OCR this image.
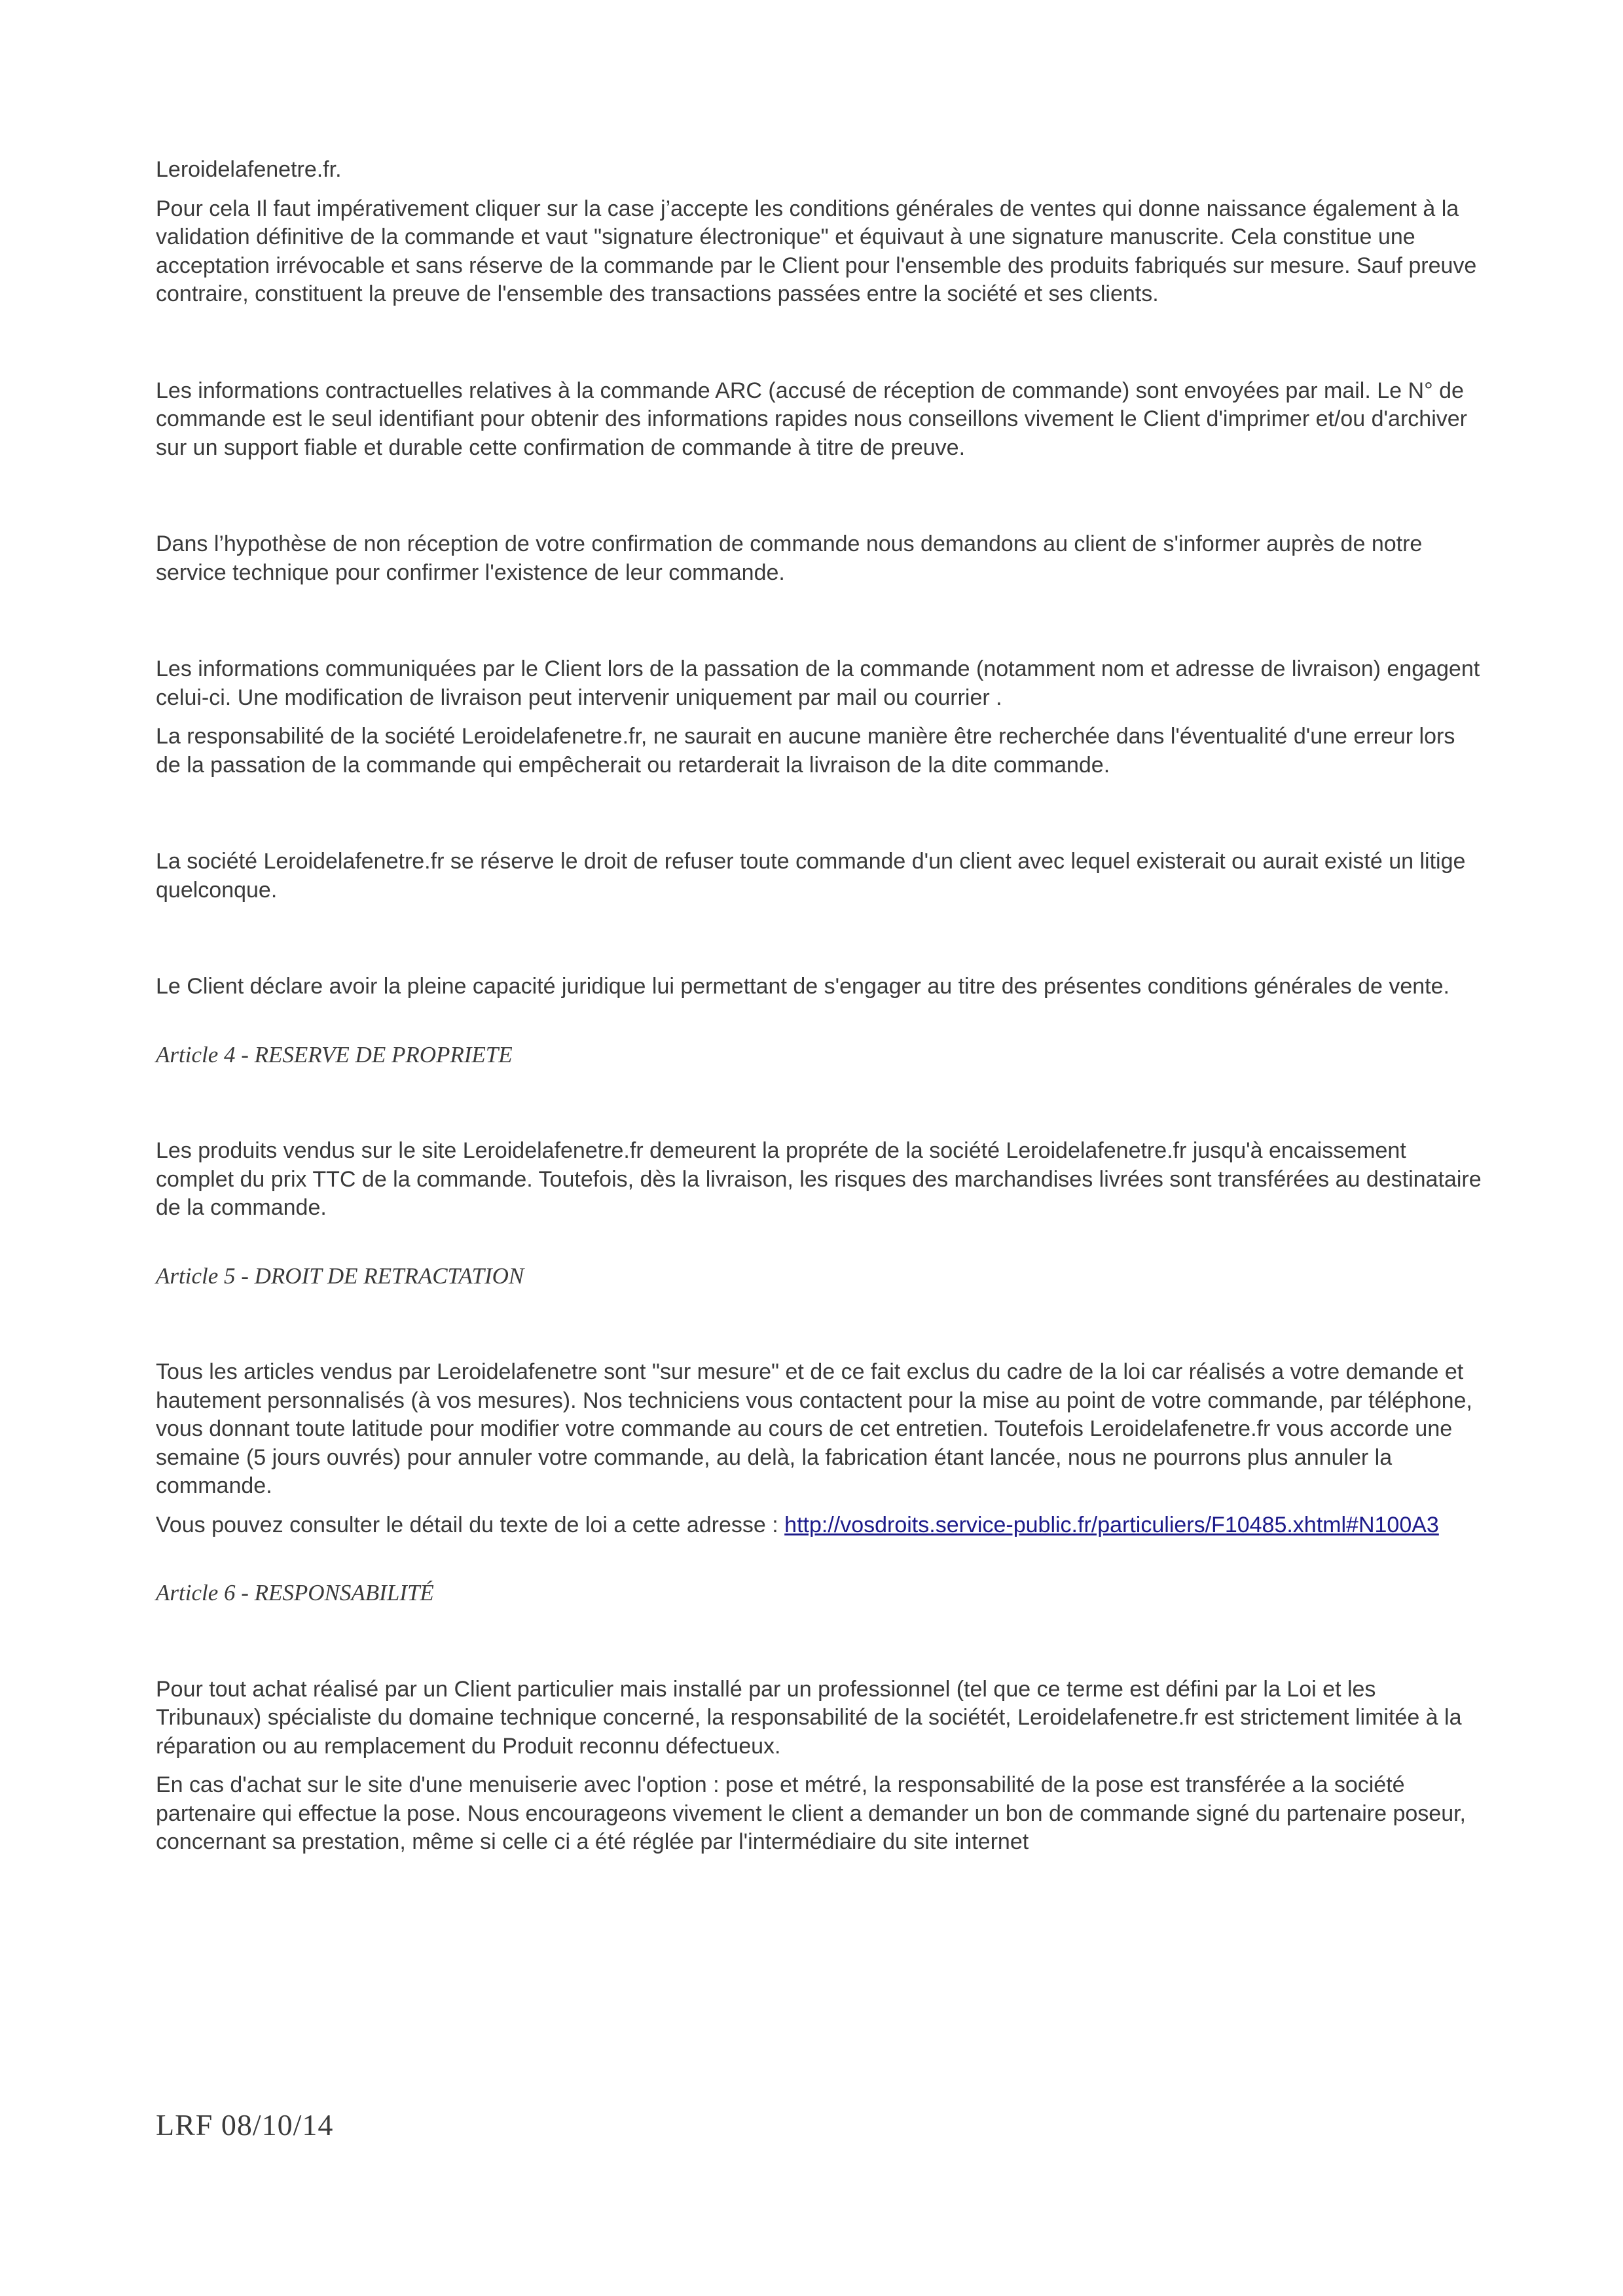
Leroidelafenetre.fr.

Pour cela Il faut impérativement cliquer sur la case j’accepte les conditions générales de ventes qui donne naissance également à la validation définitive de la commande et vaut "signature électronique" et équivaut à une signature manuscrite. Cela constitue une acceptation irrévocable et sans réserve de la commande par le Client pour l'ensemble des produits fabriqués sur mesure. Sauf preuve contraire, constituent la preuve de l'ensemble des transactions passées entre la société et ses clients.

Les informations contractuelles relatives à la commande ARC (accusé de réception de commande) sont envoyées par mail. Le N° de commande est le seul identifiant pour obtenir des informations rapides nous conseillons vivement le Client d'imprimer et/ou d'archiver sur un support fiable et durable cette confirmation de commande à titre de preuve.

Dans l’hypothèse de non réception de votre confirmation de commande nous demandons au client de s'informer auprès de notre service technique pour confirmer l'existence de leur commande.

Les informations communiquées par le Client lors de la passation de la commande (notamment nom et adresse de livraison) engagent celui-ci. Une modification de livraison peut intervenir uniquement par mail ou courrier .

La responsabilité de la société Leroidelafenetre.fr, ne saurait en aucune manière être recherchée dans l'éventualité d'une erreur lors de la passation de la commande qui empêcherait ou retarderait la livraison de la dite commande.

La société Leroidelafenetre.fr se réserve le droit de refuser toute commande d'un client avec lequel existerait ou aurait existé un litige quelconque.

Le Client déclare avoir la pleine capacité juridique lui permettant de s'engager au titre des présentes conditions générales de vente.

Article 4 - RESERVE DE PROPRIETE

Les produits vendus sur le site Leroidelafenetre.fr demeurent la propréte de la société Leroidelafenetre.fr jusqu'à encaissement complet du prix TTC de la commande. Toutefois, dès la livraison, les risques des marchandises livrées sont transférées au destinataire de la commande.

Article 5 - DROIT DE RETRACTATION

Tous les articles vendus par Leroidelafenetre sont "sur mesure" et de ce fait exclus du cadre de la loi car réalisés a votre demande et hautement personnalisés (à vos mesures). Nos techniciens vous contactent pour la mise au point de votre commande, par téléphone, vous donnant toute latitude pour modifier votre commande au cours de cet entretien. Toutefois Leroidelafenetre.fr vous accorde une semaine (5 jours ouvrés) pour annuler votre commande, au delà, la fabrication étant lancée, nous ne pourrons plus annuler la commande.

Vous pouvez consulter le détail du texte de loi a cette adresse : http://vosdroits.service-public.fr/particuliers/F10485.xhtml#N100A3

Article 6 - RESPONSABILITÉ

Pour tout achat réalisé par un Client particulier mais installé par un professionnel (tel que ce terme est défini par la Loi et les Tribunaux) spécialiste du domaine technique concerné, la responsabilité de la sociétét, Leroidelafenetre.fr est strictement limitée à la réparation ou au remplacement du Produit reconnu défectueux.

En cas d'achat sur le site d'une menuiserie avec l'option : pose et métré, la responsabilité de la pose est transférée a la société partenaire qui effectue la pose. Nous encourageons vivement le client a demander un bon de commande signé du partenaire poseur, concernant sa prestation, même si celle ci a été réglée par l'intermédiaire du site internet

LRF 08/10/14
